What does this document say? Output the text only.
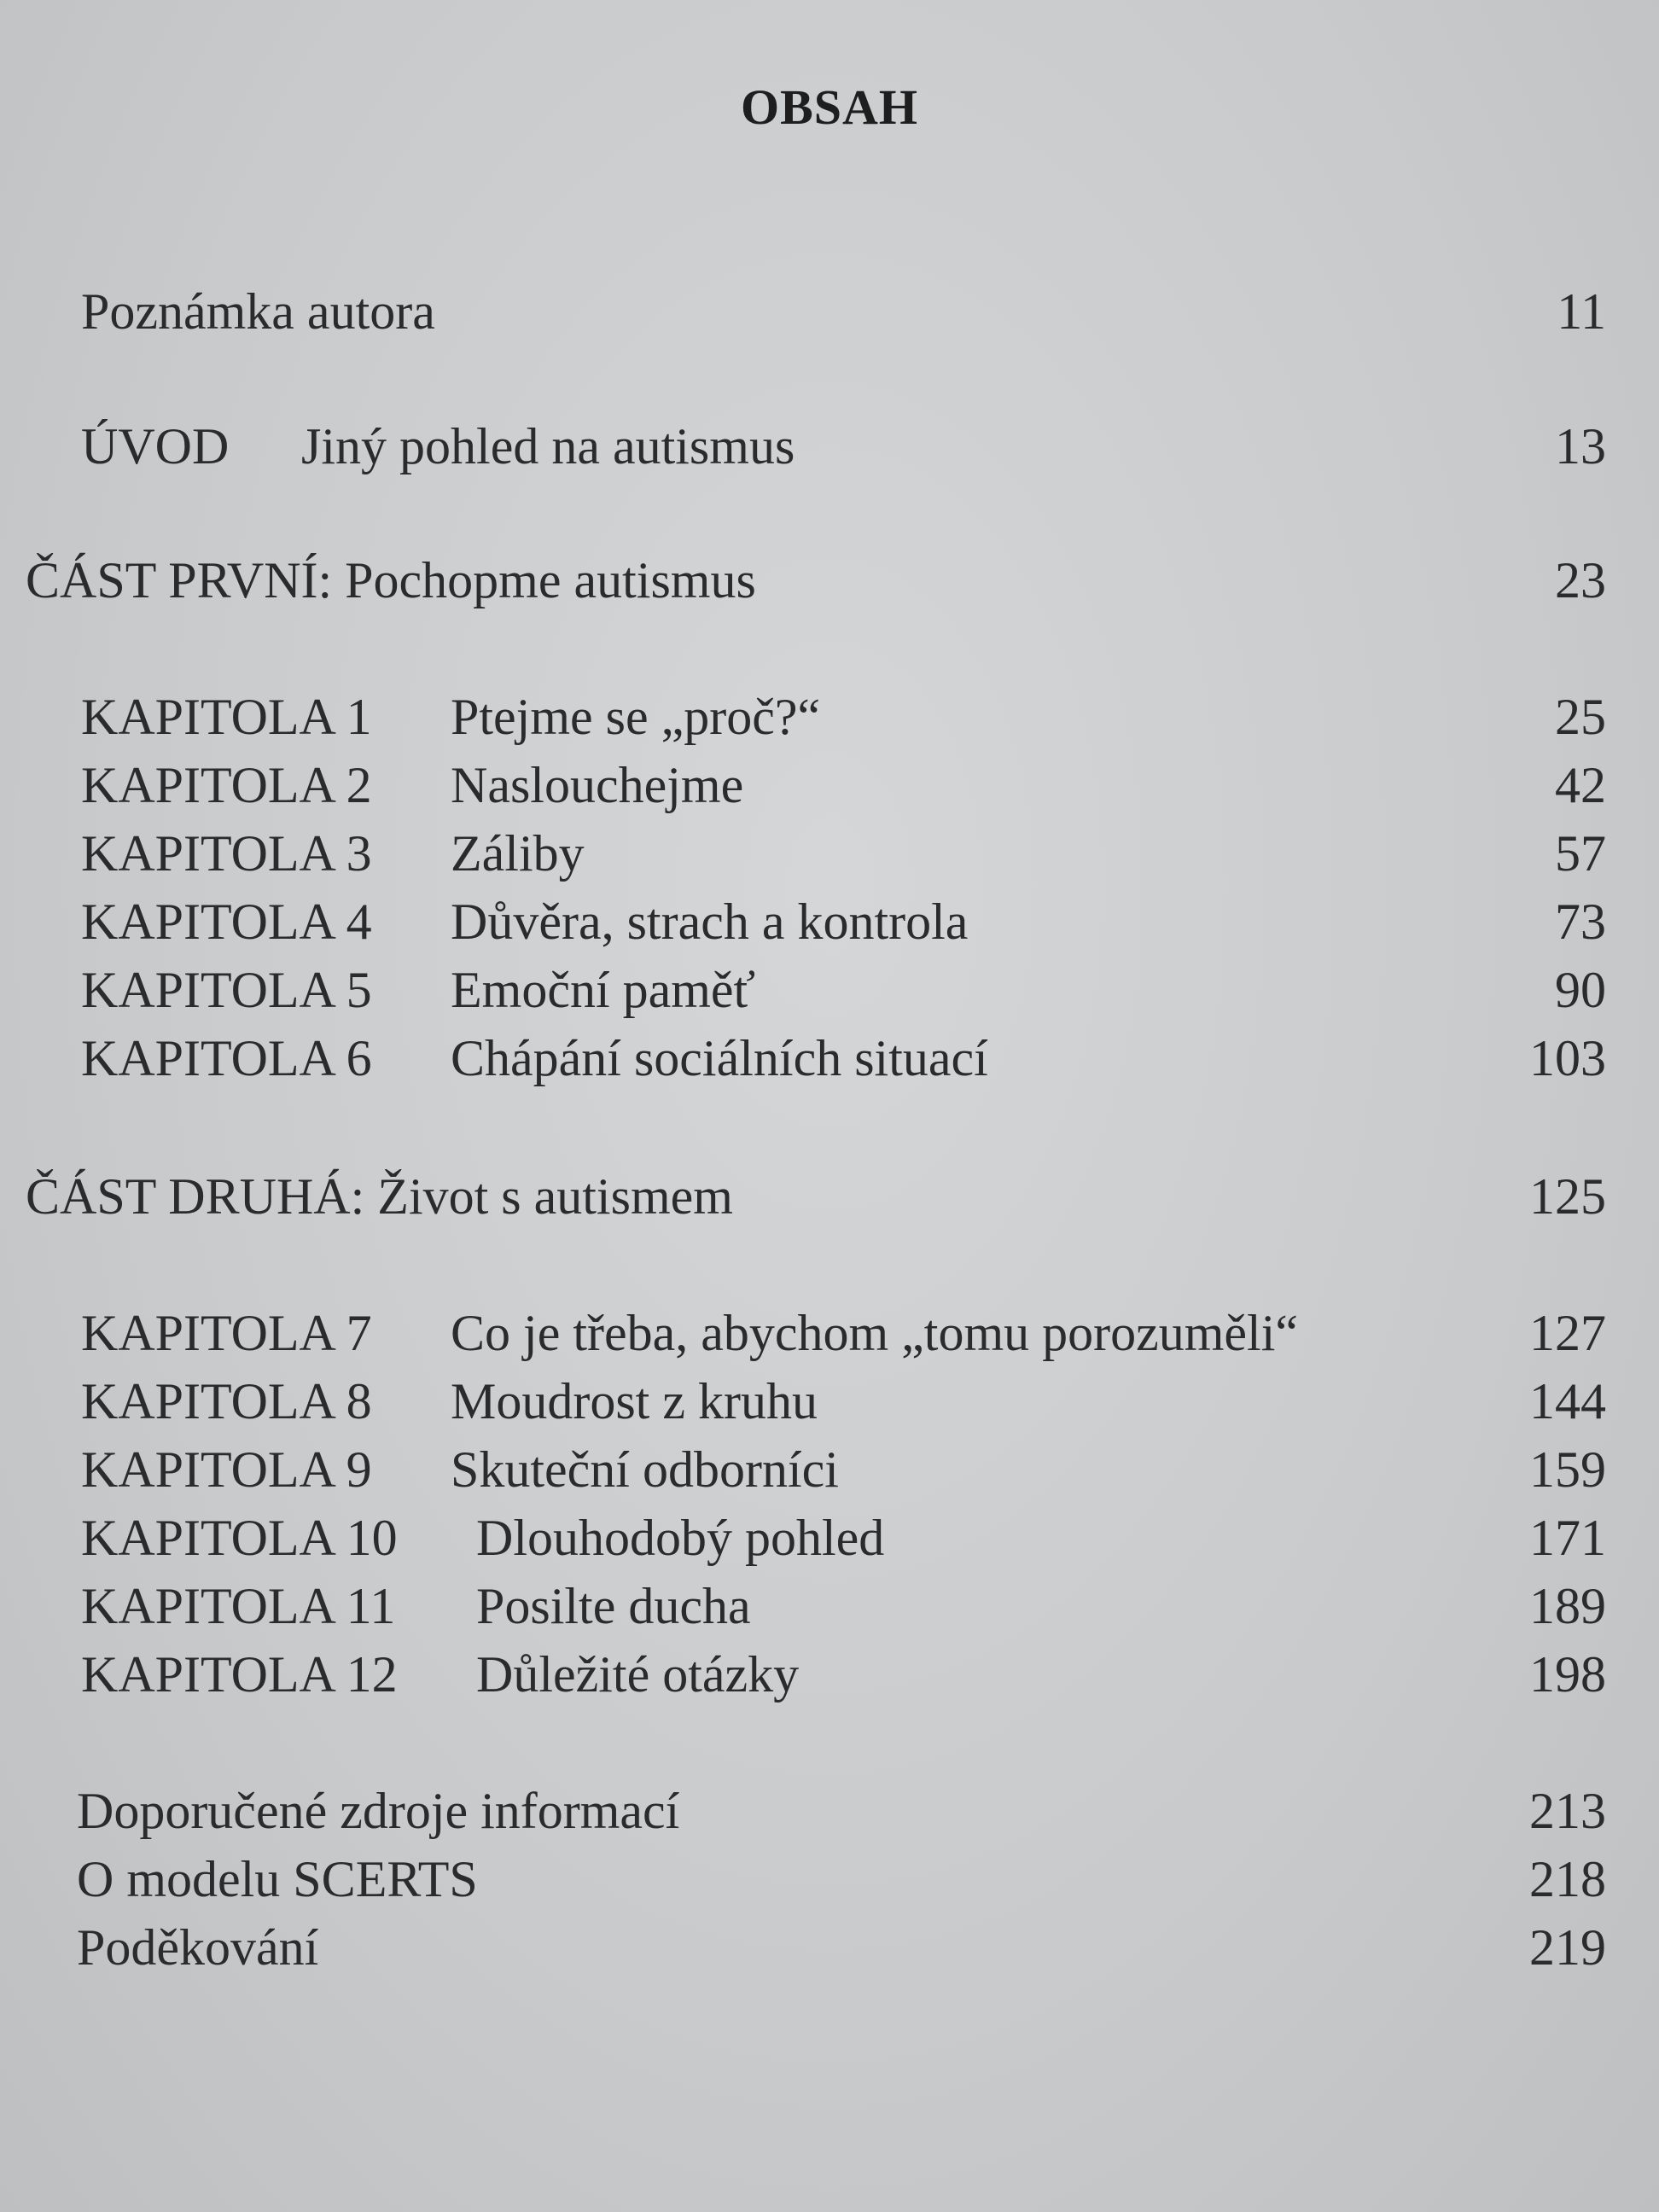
OBSAH
Poznámka autora	11
ÚVOD Jiný pohled na autismus	13
ČÁST PRVNÍ: Pochopme autismus	23
KAPITOLA 1 Ptejme se „proč?“	25
KAPITOLA 2 Naslouchejme	42
KAPITOLA 3 Záliby	57
KAPITOLA 4 Důvěra, strach a kontrola	73
KAPITOLA 5 Emoční paměť	90
KAPITOLA 6 Chápání sociálních situací	103
ČÁST DRUHÁ: Život s autismem	125
KAPITOLA 7 Co je třeba, abychom „tomu porozuměli“	127
KAPITOLA 8 Moudrost z kruhu	144
KAPITOLA 9 Skuteční odborníci	159
KAPITOLA 10 Dlouhodobý pohled	171
KAPITOLA 11 Posilte ducha	189
KAPITOLA 12 Důležité otázky	198
Doporučené zdroje informací	213
O modelu SCERTS	218
Poděkování	219
